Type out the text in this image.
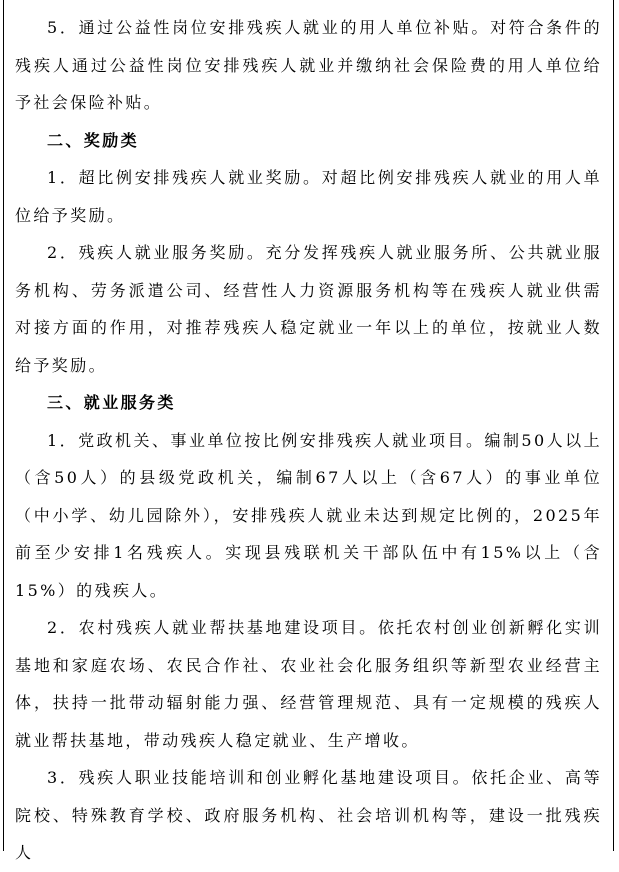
5．通过公益性岗位安排残疾人就业的用人单位补贴。对符合条件的残疾人通过公益性岗位安排残疾人就业并缴纳社会保险费的用人单位给予社会保险补贴。

二、奖励类

1．超比例安排残疾人就业奖励。对超比例安排残疾人就业的用人单位给予奖励。

2．残疾人就业服务奖励。充分发挥残疾人就业服务所、公共就业服务机构、劳务派遣公司、经营性人力资源服务机构等在残疾人就业供需对接方面的作用，对推荐残疾人稳定就业一年以上的单位，按就业人数给予奖励。

三、就业服务类

1．党政机关、事业单位按比例安排残疾人就业项目。编制50人以上（含50人）的县级党政机关，编制67人以上（含67人）的事业单位（中小学、幼儿园除外），安排残疾人就业未达到规定比例的，2025年前至少安排1名残疾人。实现县残联机关干部队伍中有15%以上（含15%）的残疾人。

2．农村残疾人就业帮扶基地建设项目。依托农村创业创新孵化实训基地和家庭农场、农民合作社、农业社会化服务组织等新型农业经营主体，扶持一批带动辐射能力强、经营管理规范、具有一定规模的残疾人就业帮扶基地，带动残疾人稳定就业、生产增收。

3．残疾人职业技能培训和创业孵化基地建设项目。依托企业、高等院校、特殊教育学校、政府服务机构、社会培训机构等，建设一批残疾人
